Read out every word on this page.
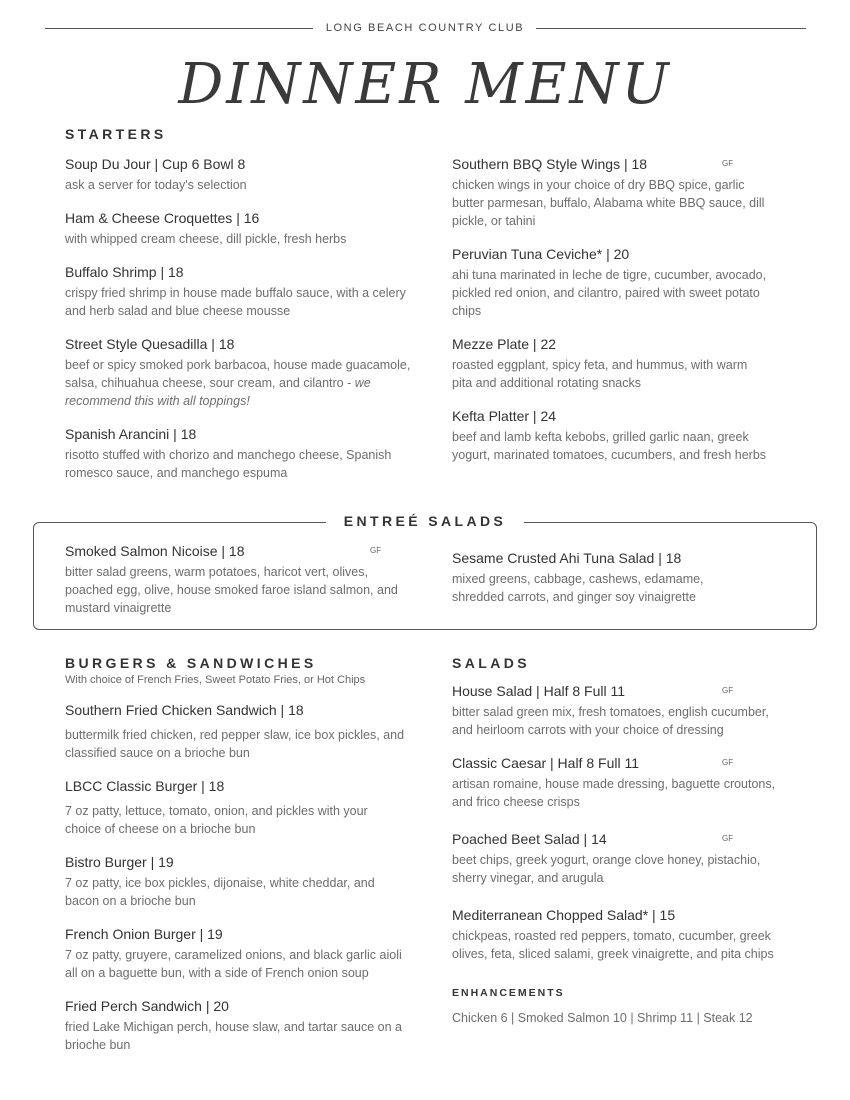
LONG BEACH COUNTRY CLUB
DINNER MENU
STARTERS
Soup Du Jour | Cup 6 Bowl 8
ask a server for today's selection
Ham & Cheese Croquettes | 16
with whipped cream cheese, dill pickle, fresh herbs
Buffalo Shrimp | 18
crispy fried shrimp in house made buffalo sauce, with a celery and herb salad and blue cheese mousse
Street Style Quesadilla | 18
beef or spicy smoked pork barbacoa, house made guacamole, salsa, chihuahua cheese, sour cream, and cilantro - we recommend this with all toppings!
Spanish Arancini | 18
risotto stuffed with chorizo and manchego cheese, Spanish romesco sauce, and manchego espuma
Southern BBQ Style Wings | 18	GF
chicken wings in your choice of dry BBQ spice, garlic butter parmesan, buffalo, Alabama white BBQ sauce, dill pickle, or tahini
Peruvian Tuna Ceviche* | 20
ahi tuna marinated in leche de tigre, cucumber, avocado, pickled red onion, and cilantro, paired with sweet potato chips
Mezze Plate | 22
roasted eggplant, spicy feta, and hummus, with warm pita and additional rotating snacks
Kefta Platter | 24
beef and lamb kefta kebobs, grilled garlic naan, greek yogurt, marinated tomatoes, cucumbers, and fresh herbs
ENTREÉ SALADS
Smoked Salmon Nicoise | 18	GF
bitter salad greens, warm potatoes, haricot vert, olives, poached egg, olive, house smoked faroe island salmon, and mustard vinaigrette
Sesame Crusted Ahi Tuna Salad | 18
mixed greens, cabbage, cashews, edamame, shredded carrots, and ginger soy vinaigrette
BURGERS & SANDWICHES
With choice of French Fries, Sweet Potato Fries, or Hot Chips
Southern Fried Chicken Sandwich | 18
buttermilk fried chicken, red pepper slaw, ice box pickles, and classified sauce on a brioche bun
LBCC Classic Burger | 18
7 oz patty, lettuce, tomato, onion, and pickles with your choice of cheese on a brioche bun
Bistro Burger | 19
7 oz patty, ice box pickles, dijonaise, white cheddar, and bacon on a brioche bun
French Onion Burger | 19
7 oz patty, gruyere, caramelized onions, and black garlic aioli all on a baguette bun, with a side of French onion soup
Fried Perch Sandwich | 20
fried Lake Michigan perch, house slaw, and tartar sauce on a brioche bun
SALADS
House Salad | Half 8 Full 11	GF
bitter salad green mix, fresh tomatoes, english cucumber, and heirloom carrots with your choice of dressing
Classic Caesar | Half 8 Full 11	GF
artisan romaine, house made dressing, baguette croutons, and frico cheese crisps
Poached Beet Salad | 14	GF
beet chips, greek yogurt, orange clove honey, pistachio, sherry vinegar, and arugula
Mediterranean Chopped Salad* | 15
chickpeas, roasted red peppers, tomato, cucumber, greek olives, feta, sliced salami, greek vinaigrette, and pita chips
ENHANCEMENTS
Chicken 6 | Smoked Salmon 10 | Shrimp 11 | Steak 12
